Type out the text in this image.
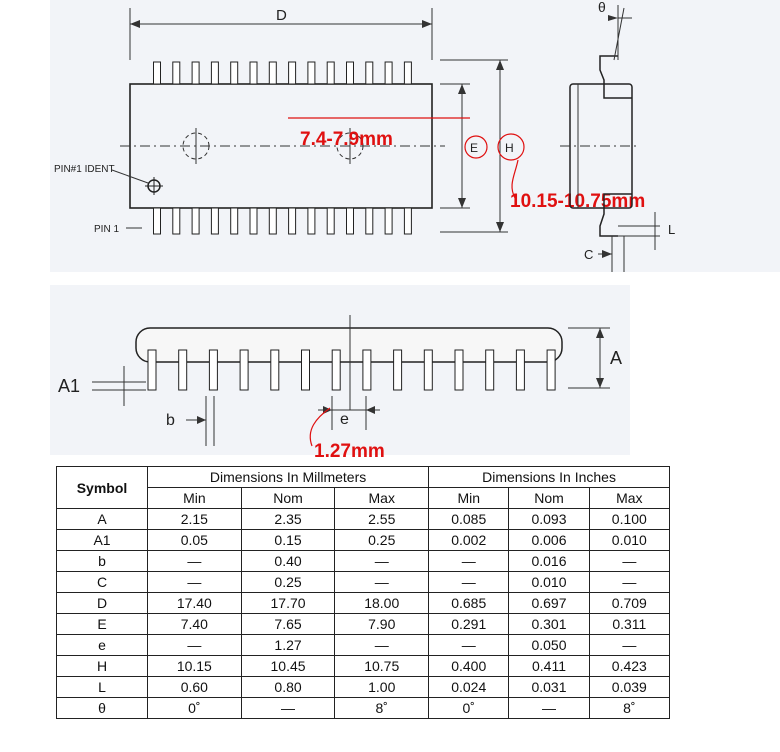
D
PIN#1 IDENT
PIN 1
E H
7.4-7.9mm
10.15-10.75mm
θ
L
C
A
A1
b	e
1.27mm
Symbol	Dimensions In Millmeters			Dimensions In Inches		
	Min	Nom	Max	Min	Nom	Max
A	2.15	2.35	2.55	0.085	0.093	0.100
A1	0.05	0.15	0.25	0.002	0.006	0.010
b	—	0.40	—	—	0.016	—
C	—	0.25	—	—	0.010	—
D	17.40	17.70	18.00	0.685	0.697	0.709
E	7.40	7.65	7.90	0.291	0.301	0.311
e	—	1.27	—	—	0.050	—
H	10.15	10.45	10.75	0.400	0.411	0.423
L	0.60	0.80	1.00	0.024	0.031	0.039
θ	0˚	—	8˚	0˚	—	8˚
